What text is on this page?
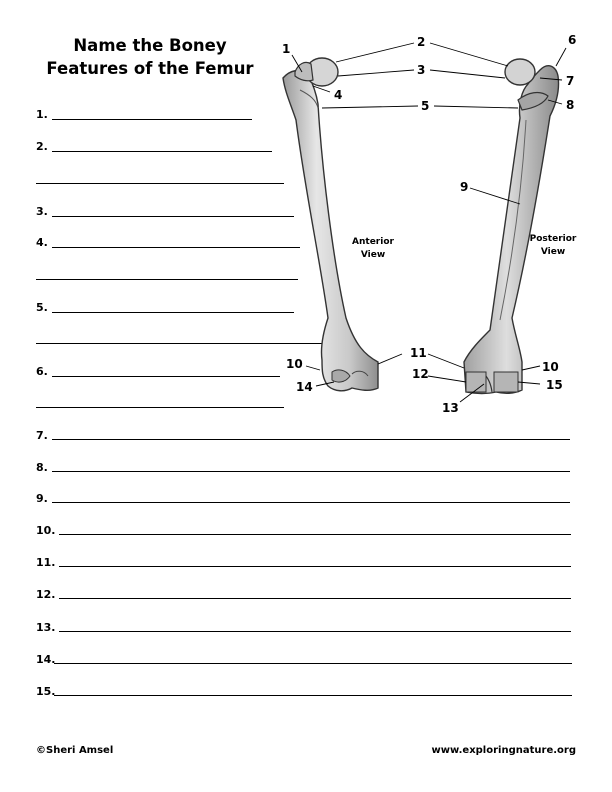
Name the Boney
Features of the Femur
1.
2.
3.
4.
5.
6.
7.
8.
9.
10.
11.
12.
13.
14.
15.
1	2
3
4
5
6
7
8
9
10	10
11
12
13
14	15
Anterior
View
Posterior
View
©Sheri Amsel	www.exploringnature.org
